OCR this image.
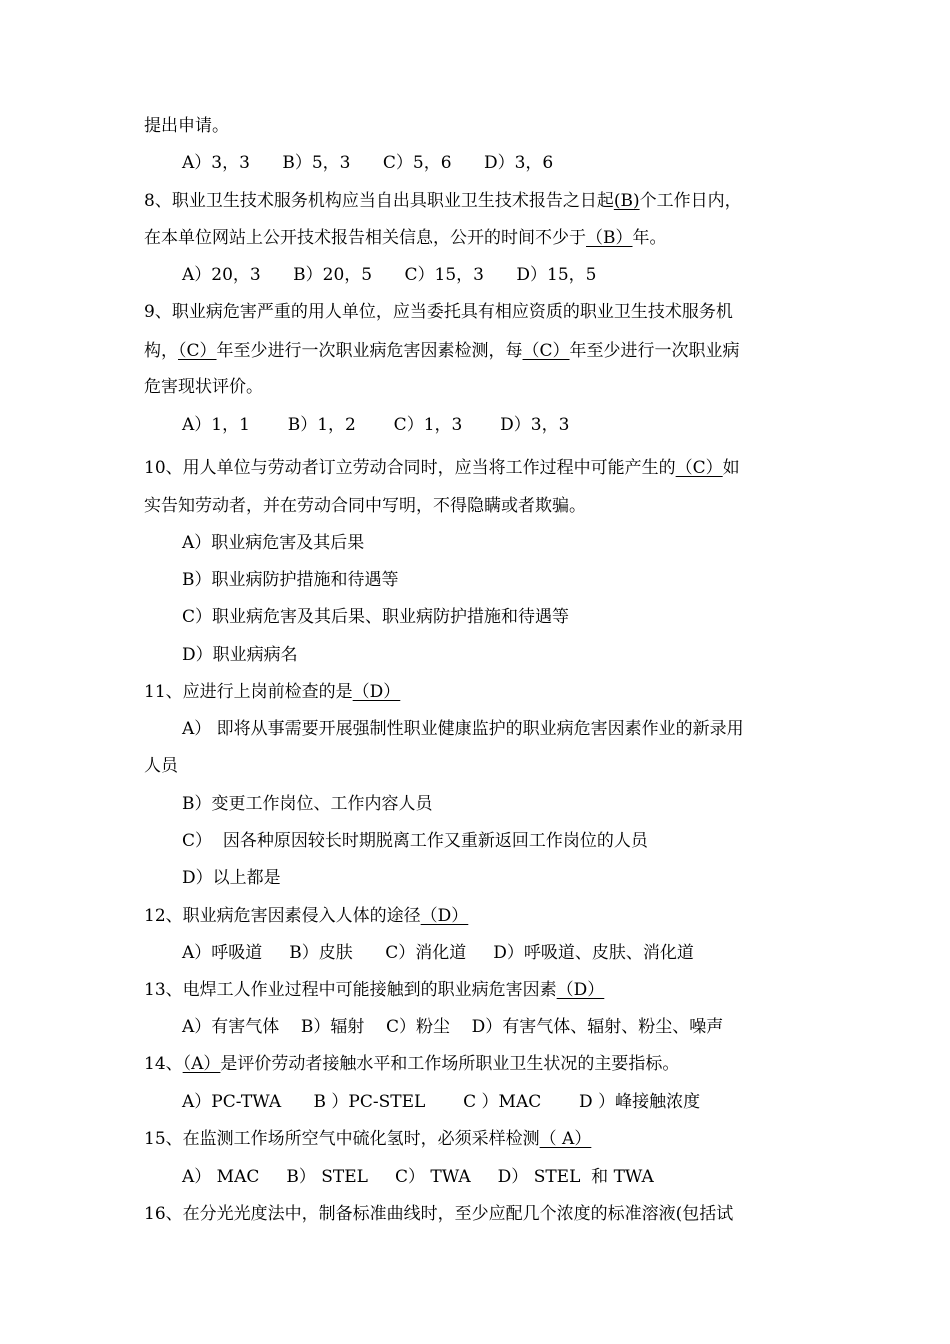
提出申请。
A）3，3      B）5，3      C）5，6      D）3，6
8、职业卫生技术服务机构应当自出具职业卫生技术报告之日起(B)个工作日内，
在本单位网站上公开技术报告相关信息，公开的时间不少于（B）年。
A）20，3      B）20，5      C）15，3      D）15，5
9、职业病危害严重的用人单位，应当委托具有相应资质的职业卫生技术服务机
构，（C）年至少进行一次职业病危害因素检测，每（C）年至少进行一次职业病
危害现状评价。
A）1，1       B）1，2       C）1，3       D）3，3
10、用人单位与劳动者订立劳动合同时，应当将工作过程中可能产生的（C）如
实告知劳动者，并在劳动合同中写明，不得隐瞒或者欺骗。
A）职业病危害及其后果
B）职业病防护措施和待遇等
C）职业病危害及其后果、职业病防护措施和待遇等
D）职业病病名
11、应进行上岗前检查的是（D）
A） 即将从事需要开展强制性职业健康监护的职业病危害因素作业的新录用
人员
B）变更工作岗位、工作内容人员
C）  因各种原因较长时期脱离工作又重新返回工作岗位的人员
D）以上都是
12、职业病危害因素侵入人体的途径（D）
A）呼吸道     B）皮肤      C）消化道     D）呼吸道、皮肤、消化道
13、电焊工人作业过程中可能接触到的职业病危害因素（D）
A）有害气体    B）辐射    C）粉尘    D）有害气体、辐射、粉尘、噪声
14、（A）是评价劳动者接触水平和工作场所职业卫生状况的主要指标。
A）PC-TWA      B ）PC-STEL       C ）MAC       D ）峰接触浓度
15、在监测工作场所空气中硫化氢时，必须采样检测（ A）
A） MAC     B） STEL     C） TWA     D） STEL  和 TWA
16、在分光光度法中，制备标准曲线时，至少应配几个浓度的标准溶液(包括试
